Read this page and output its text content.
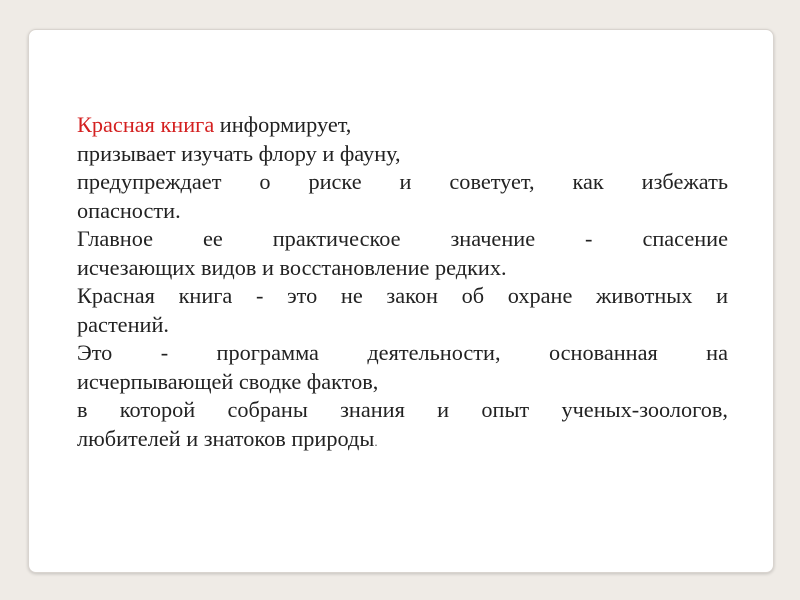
Красная книга информирует,
призывает изучать флору и фауну,
предупреждает о риске и советует, как избежать
опасности.
Главное ее практическое значение - спасение
исчезающих видов и восстановление редких.
Красная книга - это не закон об охране животных и
растений.
Это - программа деятельности, основанная на
исчерпывающей сводке фактов,
в которой собраны знания и опыт ученых-зоологов,
любителей и знатоков природы.
